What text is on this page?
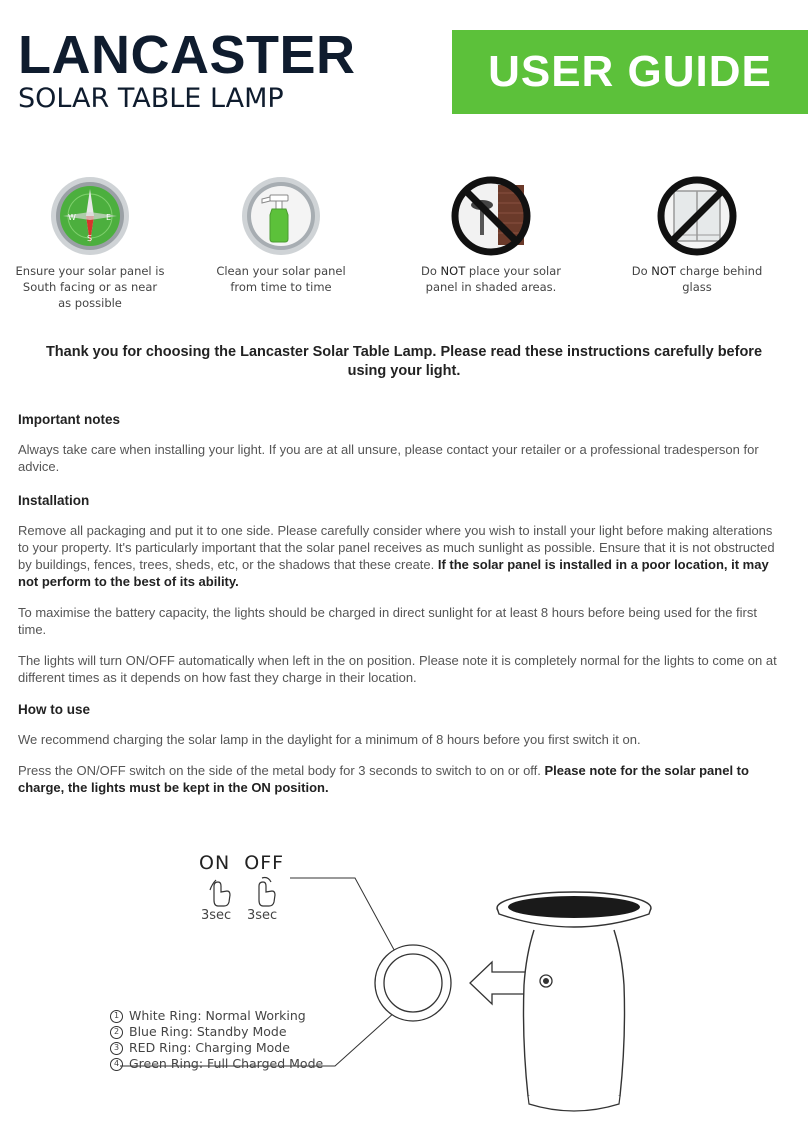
LANCASTER
SOLAR TABLE LAMP
USER GUIDE
W	E
S
Ensure your solar panel is South facing or as near as possible
Clean your solar panel from time to time
Do NOT place your solar panel in shaded areas.
Do NOT charge behind glass
Thank you for choosing the Lancaster Solar Table Lamp. Please read these instructions carefully before using your light.
Important notes

Always take care when installing your light. If you are at all unsure, please contact your retailer or a professional tradesperson for advice.

Installation

Remove all packaging and put it to one side. Please carefully consider where you wish to install your light before making alterations to your property. It's particularly important that the solar panel receives as much sunlight as possible. Ensure that it is not obstructed by buildings, fences, trees, sheds, etc, or the shadows that these create. If the solar panel is installed in a poor location, it may not perform to the best of its ability.

To maximise the battery capacity, the lights should be charged in direct sunlight for at least 8 hours before being used for the first time.

The lights will turn ON/OFF automatically when left in the on position. Please note it is completely normal for the lights to come on at different times as it depends on how fast they charge in their location.

How to use

We recommend charging the solar lamp in the daylight for a minimum of 8 hours before you first switch it on.

Press the ON/OFF switch on the side of the metal body for 3 seconds to switch to on or off. Please note for the solar panel to charge, the lights must be kept in the ON position.

ON OFF
3sec 3sec
1 White Ring: Normal Working
2 Blue Ring: Standby Mode
3 RED Ring: Charging Mode
4 Green Ring: Full Charged Mode
